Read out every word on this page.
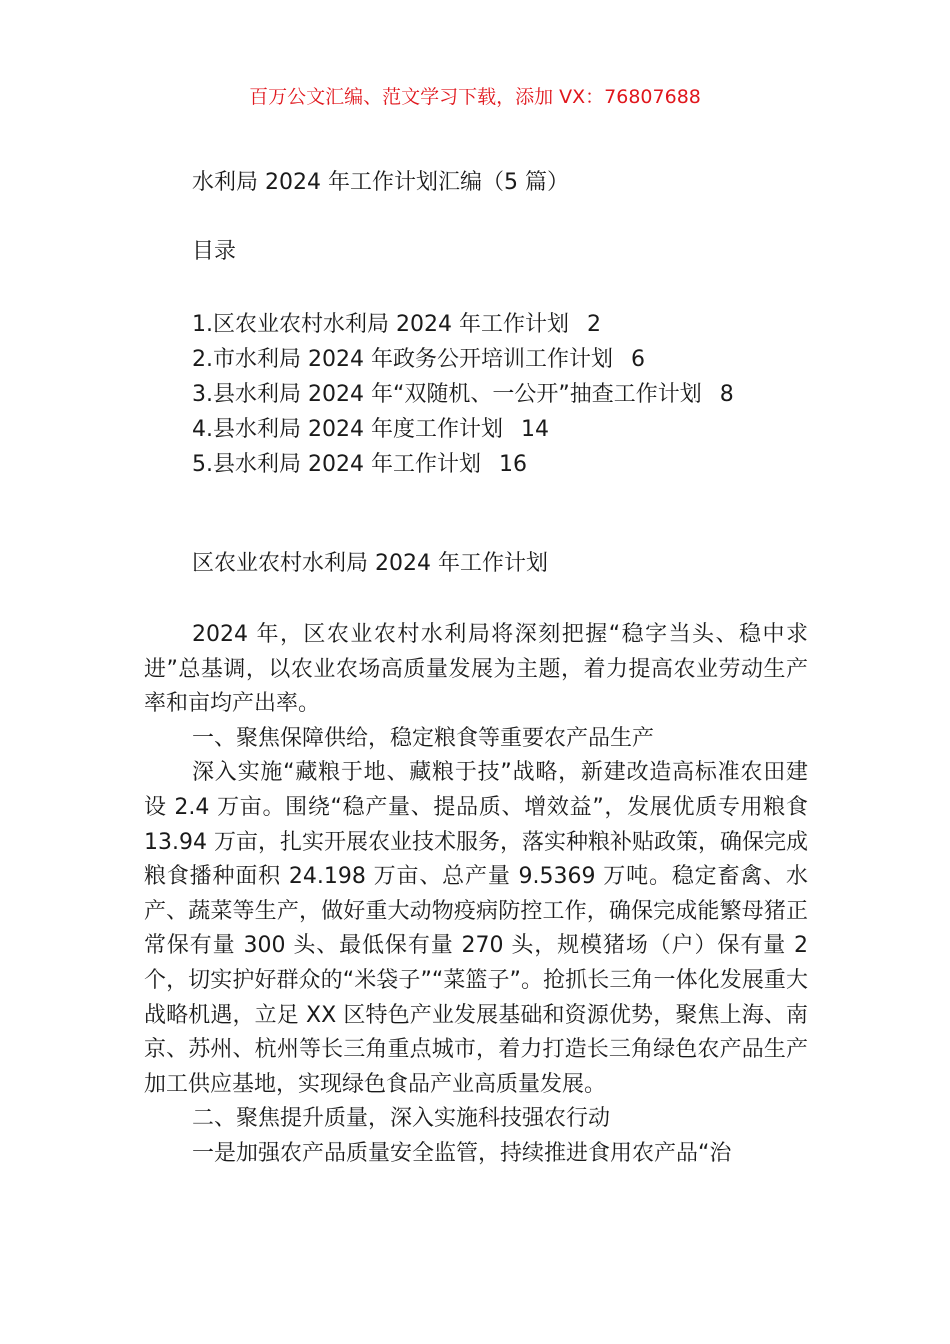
百万公文汇编、范文学习下载，添加 VX：76807688
水利局 2024 年工作计划汇编（5 篇）
目录
1.区农业农村水利局 2024 年工作计划 2
2.市水利局 2024 年政务公开培训工作计划 6
3.县水利局 2024 年“双随机、一公开”抽查工作计划 8
4.县水利局 2024 年度工作计划 14
5.县水利局 2024 年工作计划 16
区农业农村水利局 2024 年工作计划

2024 年，区农业农村水利局将深刻把握“稳字当头、稳中求进”总基调，以农业农场高质量发展为主题，着力提高农业劳动生产率和亩均产出率。

一、聚焦保障供给，稳定粮食等重要农产品生产

深入实施“藏粮于地、藏粮于技”战略，新建改造高标准农田建设 2.4 万亩。围绕“稳产量、提品质、增效益”，发展优质专用粮食 13.94 万亩，扎实开展农业技术服务，落实种粮补贴政策，确保完成粮食播种面积 24.198 万亩、总产量 9.5369 万吨。稳定畜禽、水产、蔬菜等生产，做好重大动物疫病防控工作，确保完成能繁母猪正常保有量 300 头、最低保有量 270 头，规模猪场（户）保有量 2 个，切实护好群众的“米袋子”“菜篮子”。抢抓长三角一体化发展重大战略机遇，立足 XX 区特色产业发展基础和资源优势，聚焦上海、南京、苏州、杭州等长三角重点城市，着力打造长三角绿色农产品生产加工供应基地，实现绿色食品产业高质量发展。

二、聚焦提升质量，深入实施科技强农行动

一是加强农产品质量安全监管，持续推进食用农产品“治
